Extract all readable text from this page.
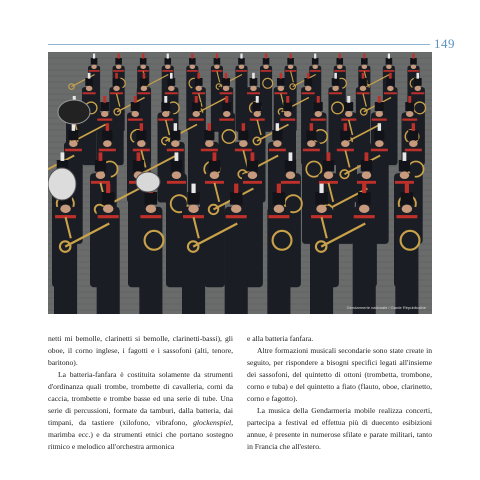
149
Gendarmerie nationale / Garde Républicaine

netti mi bemolle, clarinetti si bemolle, clarinetti-bassi), gli oboe, il corno inglese, i fagotti e i sassofoni (alti, tenore, baritono).

La batteria-fanfara è costituita solamente da strumenti d'ordinanza quali trombe, trombette di cavalleria, corni da caccia, trombette e trombe basse ed una serie di tube. Una serie di percussioni, formate da tamburi, dalla batteria, dai timpani, da tastiere (xilofono, vibrafono, glockenspiel, marimba ecc.) e da strumenti etnici che portano sostegno ritmico e melodico all'orchestra armonica

e alla batteria fanfara.

Altre formazioni musicali secondarie sono state create in seguito, per rispondere a bisogni specifici legati all'insieme dei sassofoni, del quintetto di ottoni (trombetta, trombone, corno e tuba) e del quintetto a fiato (flauto, oboe, clarinetto, corno e fagotto).

La musica della Gendarmeria mobile realizza concerti, partecipa a festival ed effettua più di duecento esibizioni annue, è presente in numerose sfilate e parate militari, tanto in Francia che all'estero.
